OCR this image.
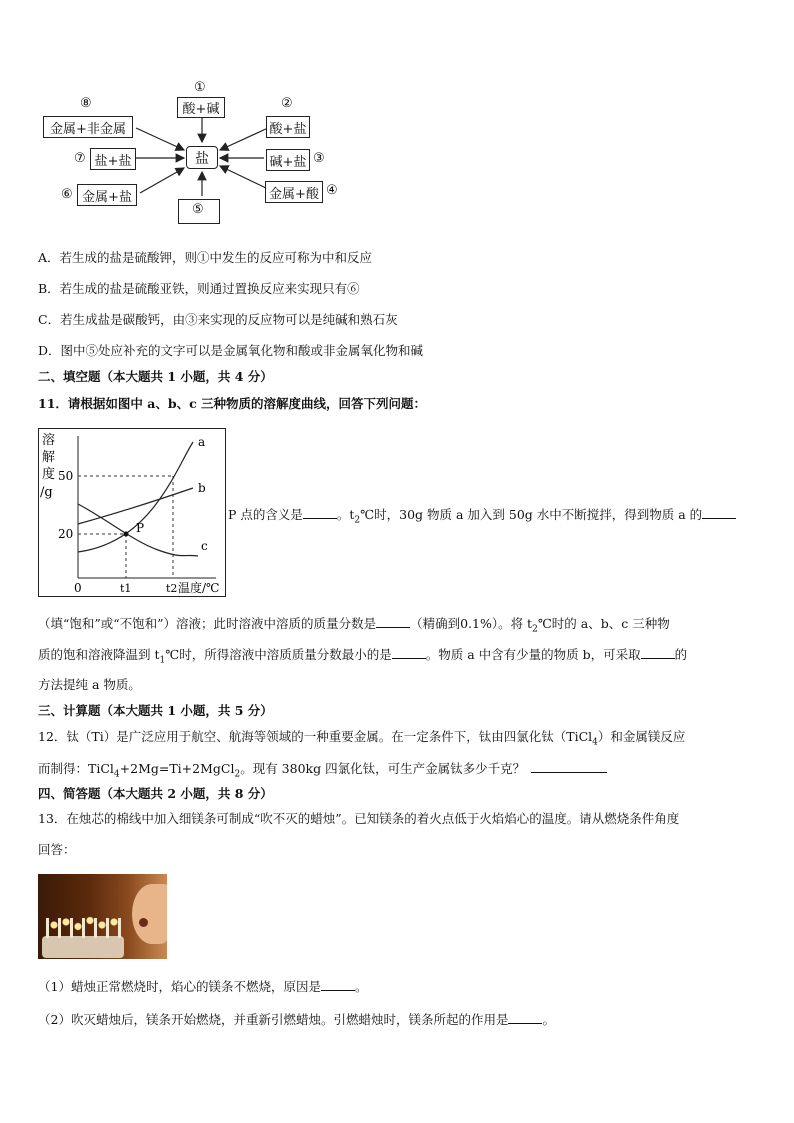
盐
①
酸+碱	②
酸+盐
碱+盐 ③
金属+酸 ④
⑤
⑥ 金属+盐
⑦ 盐+盐
⑧
金属+非金属
A．若生成的盐是硫酸钾，则①中发生的反应可称为中和反应
B．若生成的盐是硫酸亚铁，则通过置换反应来实现只有⑥
C．若生成盐是碳酸钙，由③来实现的反应物可以是纯碱和熟石灰
D．图中⑤处应补充的文字可以是金属氧化物和酸或非金属氧化物和碱
二、填空题（本大题共 1 小题，共 4 分）
11．请根据如图中 a、b、c 三种物质的溶解度曲线，回答下列问题：
溶
解
度
/g
50
20
0	t1	t2 温度/℃
a
b
c
P
P 点的含义是	。$t_2℃$时，30g 物质 a 加入到 50g 水中不断搅拌，得到物质 a 的
（填“饱和”或“不饱和”）溶液；此时溶液中溶质的质量分数是	（精确到0.1%）。将 $t_2℃$时的 a、b、c 三种物
质的饱和溶液降温到 $t_1℃$时，所得溶液中溶质质量分数最小的是	。物质 a 中含有少量的物质 b，可采取	的
方法提纯 a 物质。
三、计算题（本大题共 1 小题，共 5 分）
12．钛（Ti）是广泛应用于航空、航海等领域的一种重要金属。在一定条件下，钛由四氯化钛（TiCl$_4$）和金属镁反应
而制得：TiCl$_4$+2Mg=Ti+2MgCl$_2$。现有 380kg 四氯化钛，可生产金属钛多少千克？
四、简答题（本大题共 2 小题，共 8 分）
13．在烛芯的棉线中加入细镁条可制成“吹不灭的蜡烛”。已知镁条的着火点低于火焰焰心的温度。请从燃烧条件角度
回答：
（1）蜡烛正常燃烧时，焰心的镁条不燃烧，原因是	。
（2）吹灭蜡烛后，镁条开始燃烧，并重新引燃蜡烛。引燃蜡烛时，镁条所起的作用是	。
